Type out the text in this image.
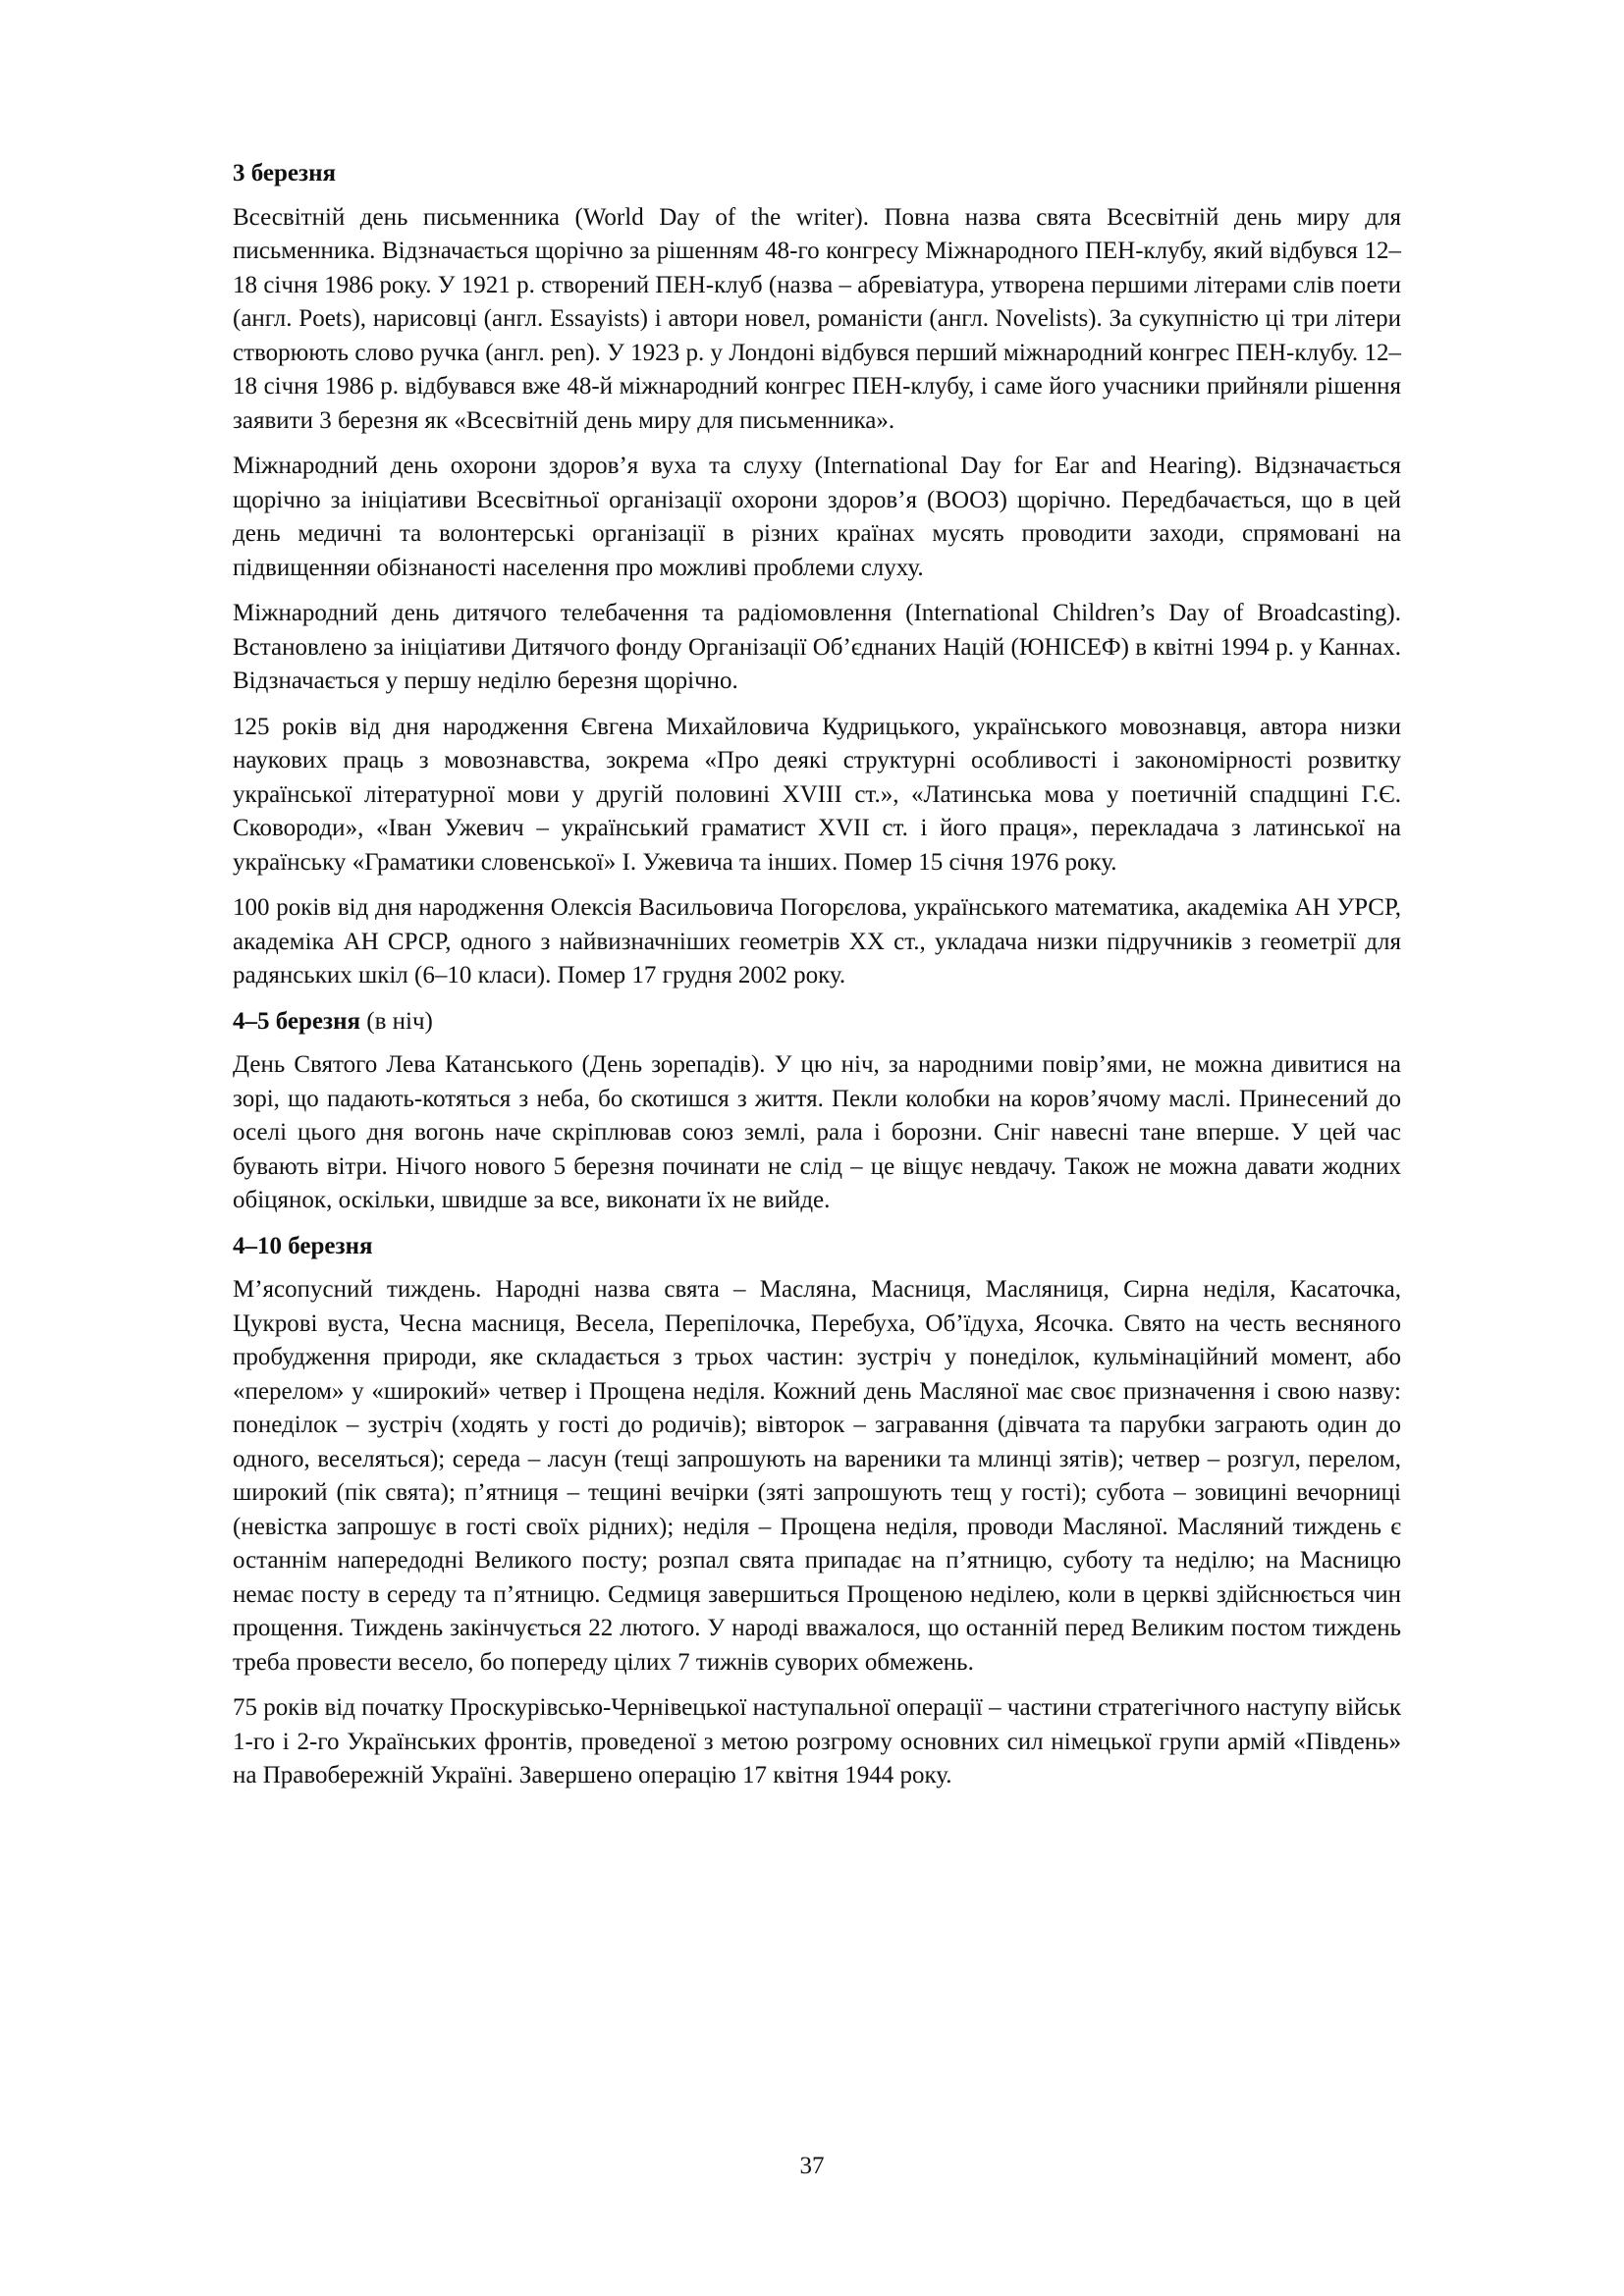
3 березня

Всесвітній день письменника (World Day of the writer). Повна назва свята Всесвітній день миру для письменника. Відзначається щорічно за рішенням 48-го конгресу Міжнародного ПЕН-клубу, який відбувся 12–18 січня 1986 року. У 1921 р. створений ПЕН-клуб (назва – абревіатура, утворена першими літерами слів поети (англ. Poets), нарисовці (англ. Essayists) і автори новел, романісти (англ. Novelists). За сукупністю ці три літери створюють слово ручка (англ. pen). У 1923 р. у Лондоні відбувся перший міжнародний конгрес ПЕН-клубу. 12–18 січня 1986 р. відбувався вже 48-й міжнародний конгрес ПЕН-клубу, і саме його учасники прийняли рішення заявити 3 березня як «Всесвітній день миру для письменника».

Міжнародний день охорони здоров’я вуха та слуху (International Day for Ear and Hearing). Відзначається щорічно за ініціативи Всесвітньої організації охорони здоров’я (ВООЗ) щорічно. Передбачається, що в цей день медичні та волонтерські організації в різних країнах мусять проводити заходи, спрямовані на підвищенняи обізнаності населення про можливі проблеми слуху.

Міжнародний день дитячого телебачення та радіомовлення (International Children’s Day of Broadcasting). Встановлено за ініціативи Дитячого фонду Організації Об’єднаних Націй (ЮНІСЕФ) в квітні 1994 р. у Каннах. Відзначається у першу неділю березня щорічно.

125 років від дня народження Євгена Михайловича Кудрицького, українського мовознавця, автора низки наукових праць з мовознавства, зокрема «Про деякі структурні особливості і закономірності розвитку української літературної мови у другій половині XVIII ст.», «Латинська мова у поетичній спадщині Г.Є. Сковороди», «Іван Ужевич – український граматист XVII ст. і його праця», перекладача з латинської на українську «Граматики словенської» І. Ужевича та інших. Помер 15 січня 1976 року.

100 років від дня народження Олексія Васильовича Погорєлова, українського математика, академіка АН УРСР, академіка АН СРСР, одного з найвизначніших геометрів XX ст., укладача низки підручників з геометрії для радянських шкіл (6–10 класи). Помер 17 грудня 2002 року.

4–5 березня (в ніч)

День Святого Лева Катанського (День зорепадів). У цю ніч, за народними повір’ями, не можна дивитися на зорі, що падають-котяться з неба, бо скотишся з життя. Пекли колобки на коров’ячому маслі. Принесений до оселі цього дня вогонь наче скріплював союз землі, рала і борозни. Сніг навесні тане вперше. У цей час бувають вітри. Нічого нового 5 березня починати не слід – це віщує невдачу. Також не можна давати жодних обіцянок, оскільки, швидше за все, виконати їх не вийде.

4–10 березня

М’ясопусний тиждень. Народні назва свята – Масляна, Масниця, Масляниця, Сирна неділя, Касаточка, Цукрові вуста, Чесна масниця, Весела, Перепілочка, Перебуха, Об’їдуха, Ясочка. Свято на честь весняного пробудження природи, яке складається з трьох частин: зустріч у понеділок, кульмінаційний момент, або «перелом» у «широкий» четвер і Прощена неділя. Кожний день Масляної має своє призначення і свою назву: понеділок – зустріч (ходять у гості до родичів); вівторок – загравання (дівчата та парубки заграють один до одного, веселяться); середа – ласун (тещі запрошують на вареники та млинці зятів); четвер – розгул, перелом, широкий (пік свята); п’ятниця – тещині вечірки (зяті запрошують тещ у гості); субота – зовицині вечорниці (невістка запрошує в гості своїх рідних); неділя – Прощена неділя, проводи Масляної. Масляний тиждень є останнім напередодні Великого посту; розпал свята припадає на п’ятницю, суботу та неділю; на Масницю немає посту в середу та п’ятницю. Седмиця завершиться Прощеною неділею, коли в церкві здійснюється чин прощення. Тиждень закінчується 22 лютого. У народі вважалося, що останній перед Великим постом тиждень треба провести весело, бо попереду цілих 7 тижнів суворих обмежень.

75 років від початку Проскурівсько-Чернівецької наступальної операції – частини стратегічного наступу військ 1-го і 2-го Українських фронтів, проведеної з метою розгрому основних сил німецької групи армій «Південь» на Правобережній Україні. Завершено операцію 17 квітня 1944 року.

37
